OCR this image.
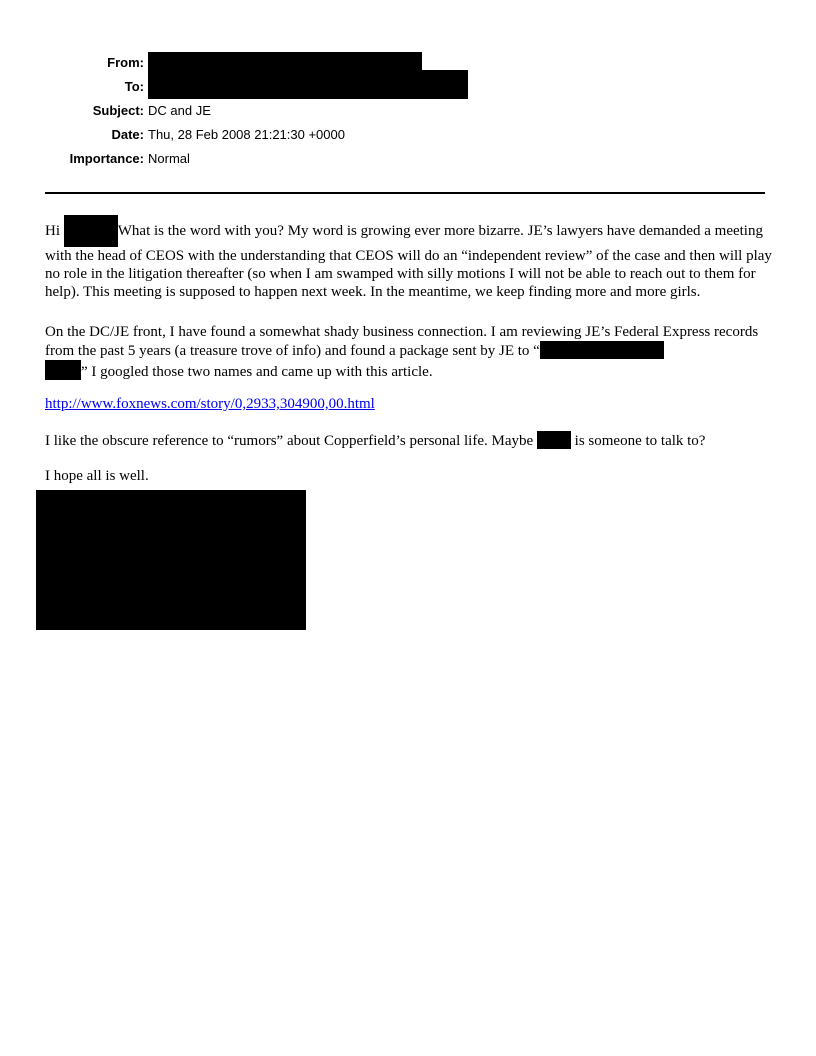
From:
To:
Subject: DC and JE
Date: Thu, 28 Feb 2008 21:21:30 +0000
Importance: Normal

Hi	What is the word with you? My word is growing ever more bizarre. JE’s lawyers have demanded a meeting with the head of CEOS with the understanding that CEOS will do an “independent review” of the case and then will play no role in the litigation thereafter (so when I am swamped with silly motions I will not be able to reach out to them for help). This meeting is supposed to happen next week. In the meantime, we keep finding more and more girls.

On the DC/JE front, I have found a somewhat shady business connection. I am reviewing JE’s Federal Express records from the past 5 years (a treasure trove of info) and found a package sent by JE to “
” I googled those two names and came up with this article.

http://www.foxnews.com/story/0,2933,304900,00.html

I like the obscure reference to “rumors” about Copperfield’s personal life. Maybe	is someone to talk to?

I hope all is well.
